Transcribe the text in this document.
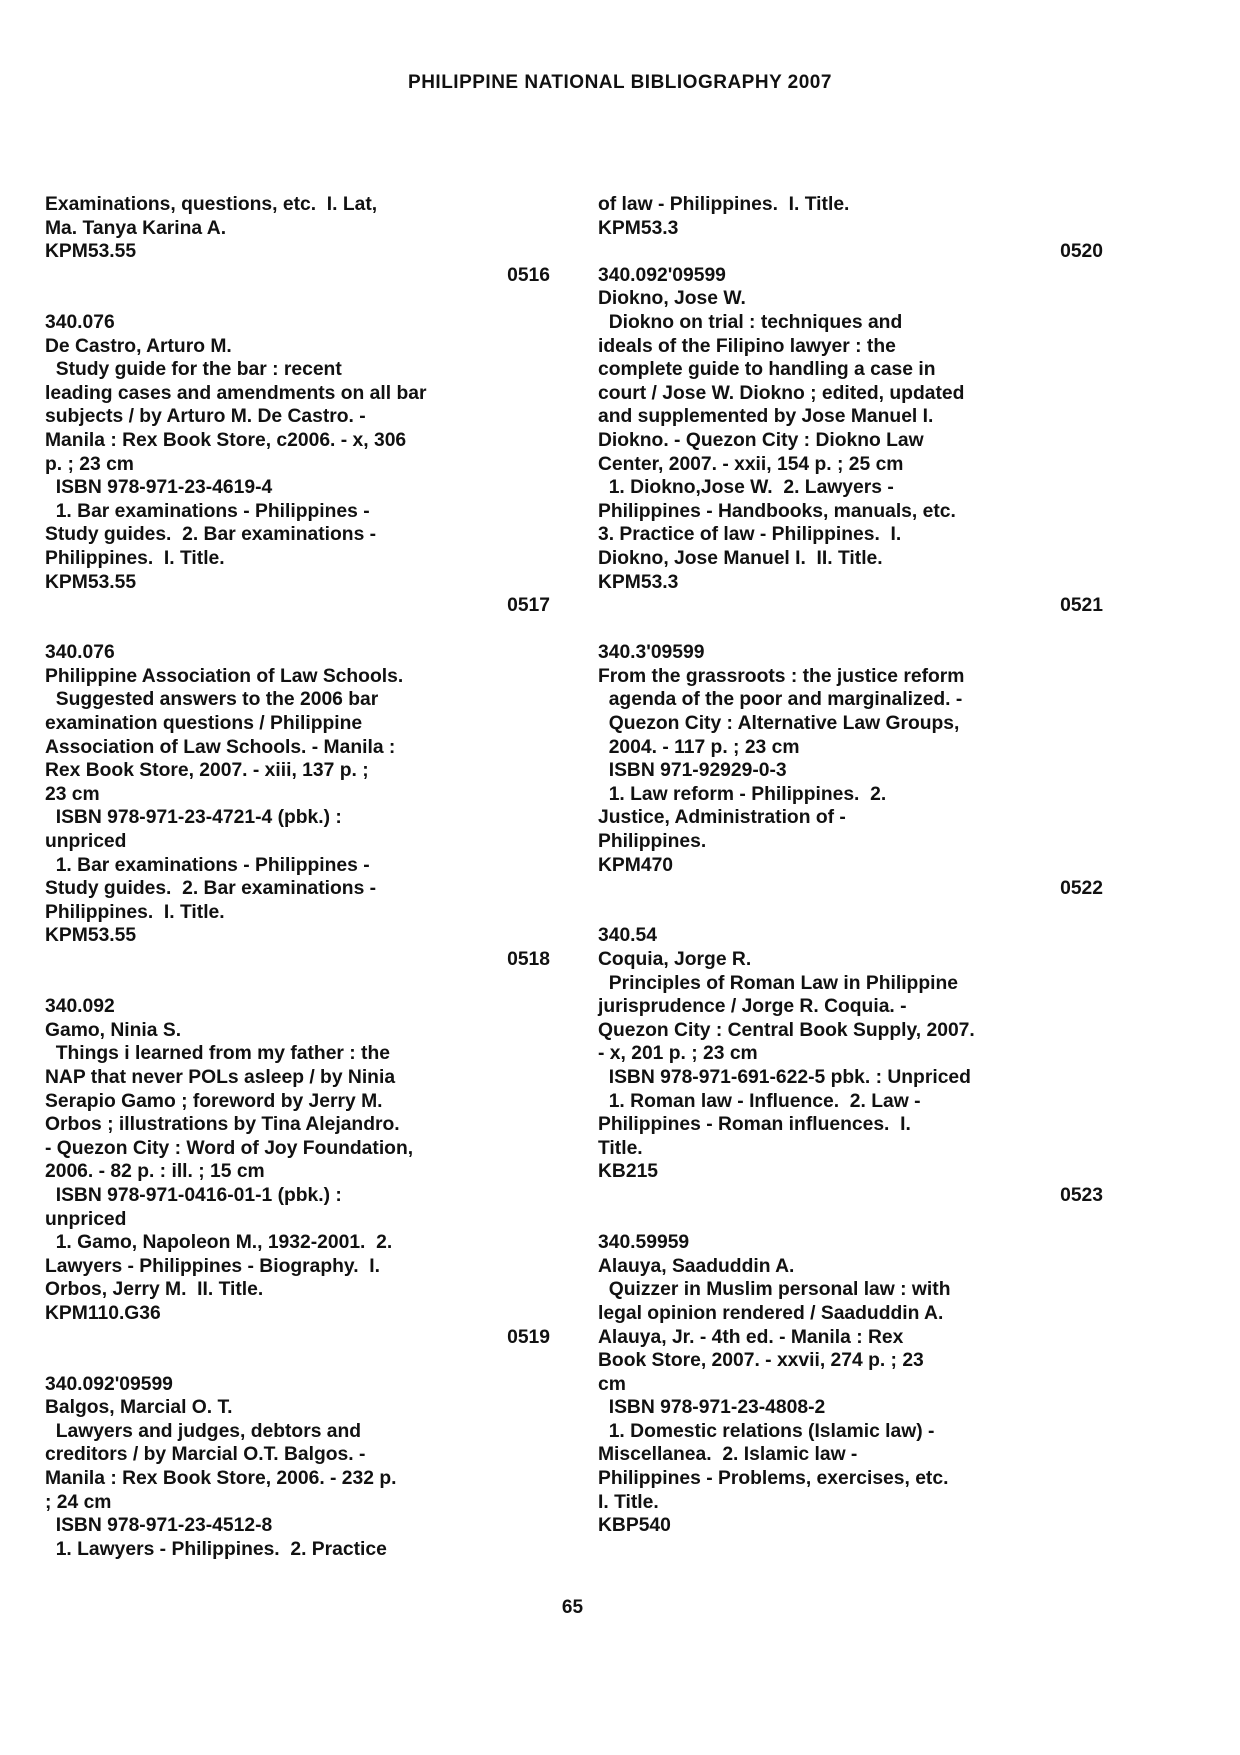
PHILIPPINE NATIONAL BIBLIOGRAPHY 2007
Examinations, questions, etc.  I. Lat,
Ma. Tanya Karina A.
KPM53.55
0516
340.076
De Castro, Arturo M.
Study guide for the bar : recent
leading cases and amendments on all bar
subjects / by Arturo M. De Castro. -
Manila : Rex Book Store, c2006. - x, 306
p. ; 23 cm
ISBN 978-971-23-4619-4
1. Bar examinations - Philippines -
Study guides.  2. Bar examinations -
Philippines.  I. Title.
KPM53.55
0517
340.076
Philippine Association of Law Schools.
Suggested answers to the 2006 bar
examination questions / Philippine
Association of Law Schools. - Manila :
Rex Book Store, 2007. - xiii, 137 p. ;
23 cm
ISBN 978-971-23-4721-4 (pbk.) :
unpriced
1. Bar examinations - Philippines -
Study guides.  2. Bar examinations -
Philippines.  I. Title.
KPM53.55
0518
340.092
Gamo, Ninia S.
Things i learned from my father : the
NAP that never POLs asleep / by Ninia
Serapio Gamo ; foreword by Jerry M.
Orbos ; illustrations by Tina Alejandro.
- Quezon City : Word of Joy Foundation,
2006. - 82 p. : ill. ; 15 cm
ISBN 978-971-0416-01-1 (pbk.) :
unpriced
1. Gamo, Napoleon M., 1932-2001.  2.
Lawyers - Philippines - Biography.  I.
Orbos, Jerry M.  II. Title.
KPM110.G36
0519
340.092'09599
Balgos, Marcial O. T.
Lawyers and judges, debtors and
creditors / by Marcial O.T. Balgos. -
Manila : Rex Book Store, 2006. - 232 p.
; 24 cm
ISBN 978-971-23-4512-8
1. Lawyers - Philippines.  2. Practice
of law - Philippines.  I. Title.
KPM53.3
0520
340.092'09599
Diokno, Jose W.
Diokno on trial : techniques and
ideals of the Filipino lawyer : the
complete guide to handling a case in
court / Jose W. Diokno ; edited, updated
and supplemented by Jose Manuel I.
Diokno. - Quezon City : Diokno Law
Center, 2007. - xxii, 154 p. ; 25 cm
1. Diokno,Jose W.  2. Lawyers -
Philippines - Handbooks, manuals, etc.
3. Practice of law - Philippines.  I.
Diokno, Jose Manuel I.  II. Title.
KPM53.3
0521
340.3'09599
From the grassroots : the justice reform
agenda of the poor and marginalized. -
Quezon City : Alternative Law Groups,
2004. - 117 p. ; 23 cm
ISBN 971-92929-0-3
1. Law reform - Philippines.  2.
Justice, Administration of -
Philippines.
KPM470
0522
340.54
Coquia, Jorge R.
Principles of Roman Law in Philippine
jurisprudence / Jorge R. Coquia. -
Quezon City : Central Book Supply, 2007.
- x, 201 p. ; 23 cm
ISBN 978-971-691-622-5 pbk. : Unpriced
1. Roman law - Influence.  2. Law -
Philippines - Roman influences.  I.
Title.
KB215
0523
340.59959
Alauya, Saaduddin A.
Quizzer in Muslim personal law : with
legal opinion rendered / Saaduddin A.
Alauya, Jr. - 4th ed. - Manila : Rex
Book Store, 2007. - xxvii, 274 p. ; 23
cm
ISBN 978-971-23-4808-2
1. Domestic relations (Islamic law) -
Miscellanea.  2. Islamic law -
Philippines - Problems, exercises, etc.
I. Title.
KBP540
65
